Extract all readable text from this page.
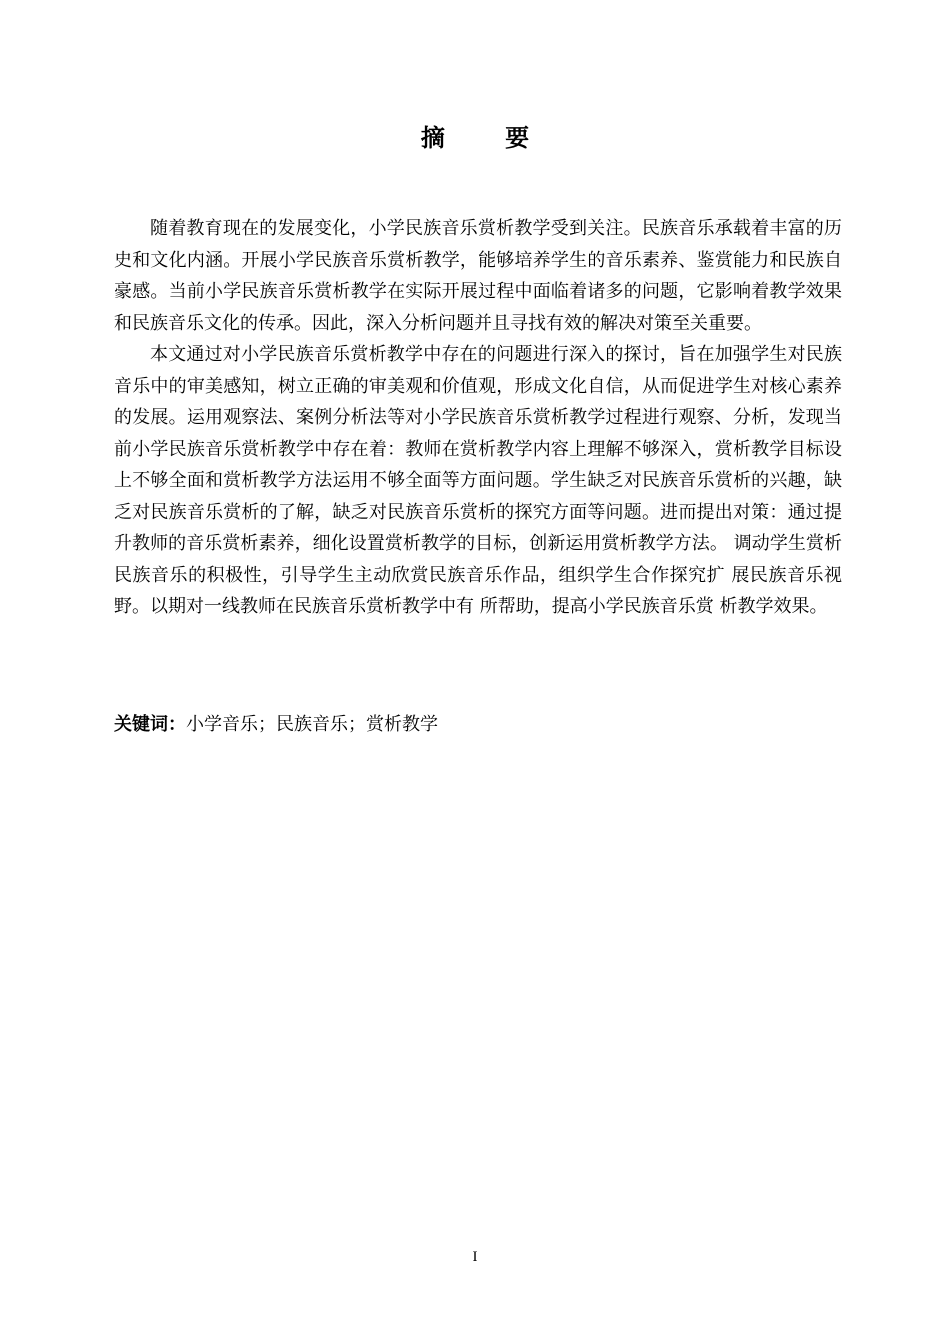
摘 要

随着教育现在的发展变化，小学民族音乐赏析教学受到关注。民族音乐承载着丰富的历史和文化内涵。开展小学民族音乐赏析教学，能够培养学生的音乐素养、鉴赏能力和民族自豪感。当前小学民族音乐赏析教学在实际开展过程中面临着诸多的问题，它影响着教学效果和民族音乐文化的传承。因此，深入分析问题并且寻找有效的解决对策至关重要。

本文通过对小学民族音乐赏析教学中存在的问题进行深入的探讨，旨在加强学生对民族音乐中的审美感知，树立正确的审美观和价值观，形成文化自信，从而促进学生对核心素养的发展。运用观察法、案例分析法等对小学民族音乐赏析教学过程进行观察、分析，发现当前小学民族音乐赏析教学中存在着：教师在赏析教学内容上理解不够深入，赏析教学目标设上不够全面和赏析教学方法运用不够全面等方面问题。学生缺乏对民族音乐赏析的兴趣，缺乏对民族音乐赏析的了解，缺乏对民族音乐赏析的探究方面等问题。进而提出对策：通过提升教师的音乐赏析素养，细化设置赏析教学的目标，创新运用赏析教学方法。 调动学生赏析民族音乐的积极性，引导学生主动欣赏民族音乐作品，组织学生合作探究扩 展民族音乐视野。以期对一线教师在民族音乐赏析教学中有 所帮助，提高小学民族音乐赏 析教学效果。

关键词：小学音乐；民族音乐；赏析教学
I
